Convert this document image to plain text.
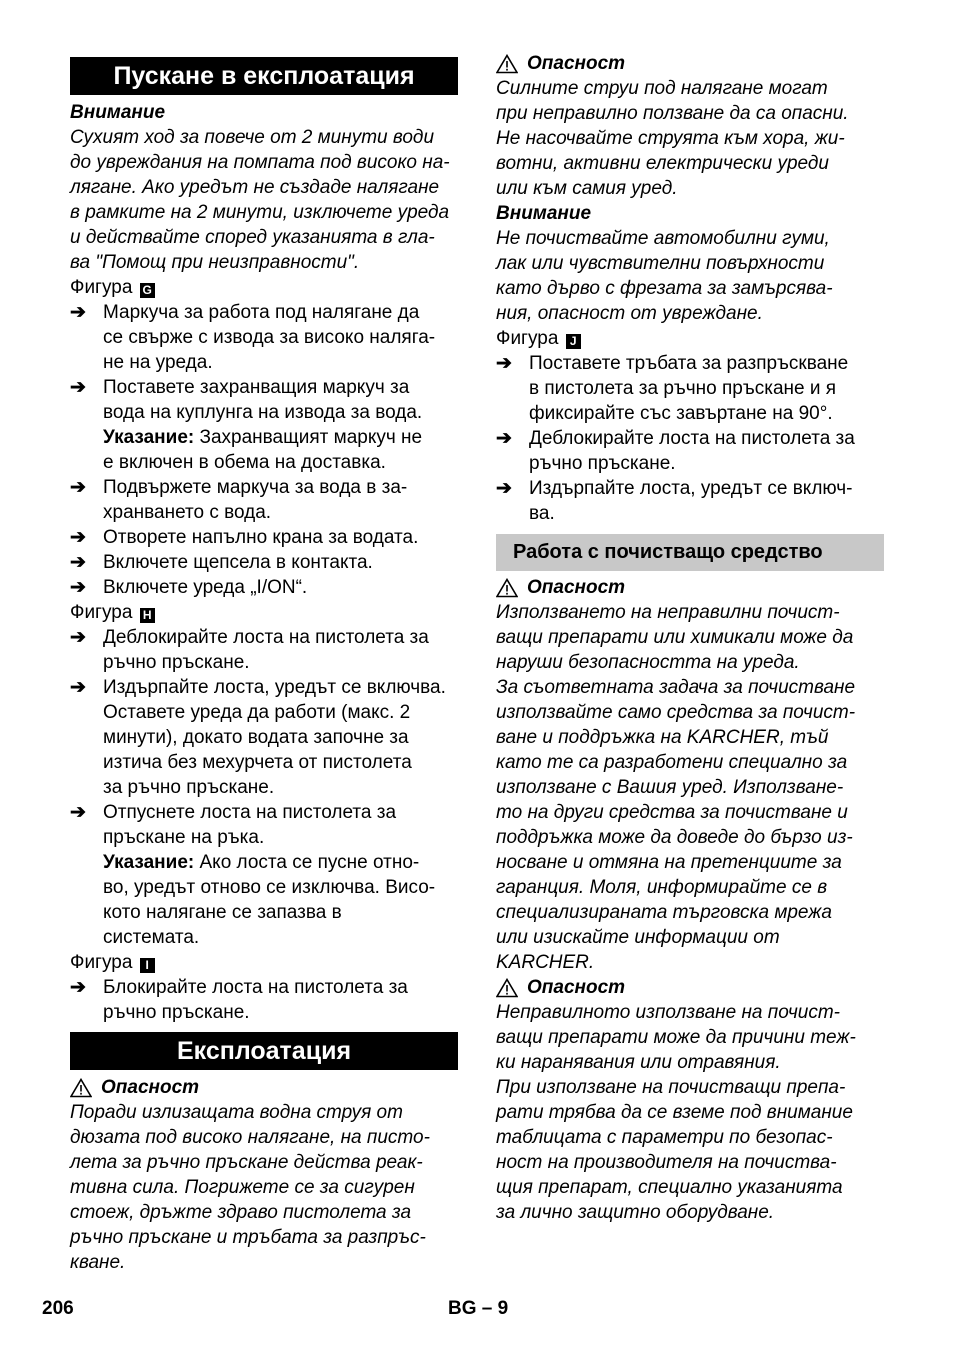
Пускане в експлоатация
Внимание
Сухият ход за повече от 2 минути води
до увреждания на помпата под високо на-
лягане. Ако уредът не създаде налягане
в рамките на 2 минути, изключете уреда
и действайте според указанията в гла-
ва "Помощ при неизправности".
Фигура G
➔ Маркуча за работа под налягане да
се свърже с извода за високо наляга-
не на уреда.
➔ Поставете захранващия маркуч за
вода на куплунга на извода за вода.
Указание: Захранващият маркуч не
е включен в обема на доставка.
➔ Подвържете маркуча за вода в за-
хранването с вода.
➔ Отворете напълно крана за водата.
➔ Включете щепсела в контакта.
➔ Включете уреда „I/ON“.
Фигура H
➔ Деблокирайте лоста на пистолета за
ръчно пръскане.
➔ Издърпайте лоста, уредът се включва.
Оставете уреда да работи (макс. 2
минути), докато водата започне за
изтича без мехурчета от пистолета
за ръчно пръскане.
➔ Отпуснете лоста на пистолета за
пръскане на ръка.
Указание: Ако лоста се пусне отно-
во, уредът отново се изключва. Висо-
кото налягане се запазва в
системата.
Фигура I
➔ Блокирайте лоста на пистолета за
ръчно пръскане.
Експлоатация
Опасност
Поради излизащата водна струя от
дюзата под високо налягане, на писто-
лета за ръчно пръскане действа реак-
тивна сила. Погрижете се за сигурен
стоеж, дръжте здраво пистолета за
ръчно пръскане и тръбата за разпръс-
кване.
Опасност
Силните струи под налягане могат
при неправилно ползване да са опасни.
Не насочвайте струята към хора, жи-
вотни, активни електрически уреди
или към самия уред.
Внимание
Не почиствайте автомобилни гуми,
лак или чувствителни повърхности
като дърво с фрезата за замърсява-
ния, опасност от увреждане.
Фигура J
➔ Поставете тръбата за разпръскване
в пистолета за ръчно пръскане и я
фиксирайте със завъртане на 90°.
➔ Деблокирайте лоста на пистолета за
ръчно пръскане.
➔ Издърпайте лоста, уредът се включ-
ва.
Работа с почистващо средство
Опасност
Използването на неправилни почист-
ващи препарати или химикали може да
наруши безопасността на уреда.
За съответната задача за почистване
използвайте само средства за почист-
ване и поддръжка на KARCHER, тъй
като те са разработени специално за
използване с Вашия уред. Използване-
то на други средства за почистване и
поддръжка може да доведе до бързо из-
носване и отмяна на претенциите за
гаранция. Моля, информирайте се в
специализираната търговска мрежа
или изискайте информации от
KARCHER.
Опасност
Неправилното използване на почист-
ващи препарати може да причини теж-
ки наранявания или отравяния.
При използване на почистващи препа-
рати трябва да се вземе под внимание
таблицата с параметри по безопас-
ност на производителя на почиства-
щия препарат, специално указанията
за лично защитно оборудване.
206	BG – 9
